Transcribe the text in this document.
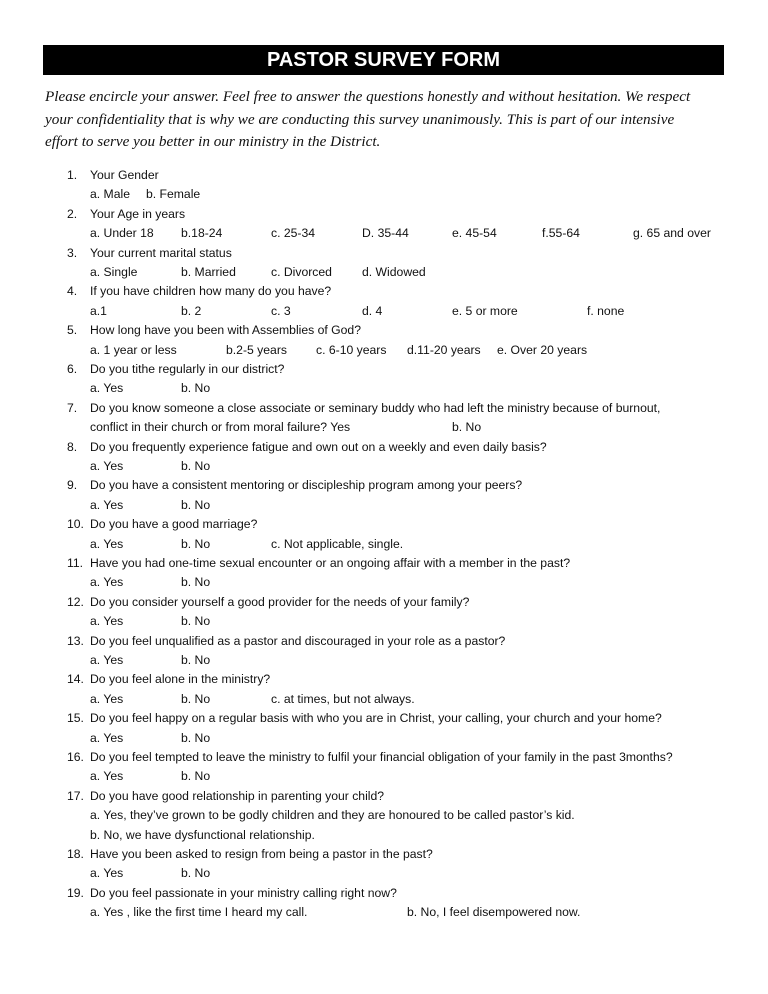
PASTOR SURVEY FORM
Please encircle your answer. Feel free to answer the questions honestly and without hesitation. We respect
your confidentiality that is why we are conducting this survey unanimously. This is part of our intensive
effort to serve you better in our ministry in the District.
1. Your Gender
a. Male b. Female
2. Your Age in years
a. Under 18 b.18-24	c. 25-34	D. 35-44	e. 45-54	f.55-64	g. 65 and over
3. Your current marital status
a. Single	b. Married	c. Divorced d. Widowed
4. If you have children how many do you have?
a.1	b. 2	c. 3	d. 4	e. 5 or more	f. none
5. How long have you been with Assemblies of God?
a. 1 year or less	b.2-5 years c. 6-10 years d.11-20 years e. Over 20 years
6. Do you tithe regularly in our district?
a. Yes	b. No
7. Do you know someone a close associate or seminary buddy who had left the ministry because of burnout,
conflict in their church or from moral failure? Yes	b. No
8. Do you frequently experience fatigue and own out on a weekly and even daily basis?
a. Yes	b. No
9. Do you have a consistent mentoring or discipleship program among your peers?
a. Yes	b. No
10. Do you have a good marriage?
a. Yes	b. No	c. Not applicable, single.
11. Have you had one-time sexual encounter or an ongoing affair with a member in the past?
a. Yes	b. No
12. Do you consider yourself a good provider for the needs of your family?
a. Yes	b. No
13. Do you feel unqualified as a pastor and discouraged in your role as a pastor?
a. Yes	b. No
14. Do you feel alone in the ministry?
a. Yes	b. No	c. at times, but not always.
15. Do you feel happy on a regular basis with who you are in Christ, your calling, your church and your home?
a. Yes	b. No
16. Do you feel tempted to leave the ministry to fulfil your financial obligation of your family in the past 3months?
a. Yes	b. No
17. Do you have good relationship in parenting your child?
a. Yes, they’ve grown to be godly children and they are honoured to be called pastor’s kid.
b. No, we have dysfunctional relationship.
18. Have you been asked to resign from being a pastor in the past?
a. Yes	b. No
19. Do you feel passionate in your ministry calling right now?
a. Yes , like the first time I heard my call.	b. No, I feel disempowered now.
